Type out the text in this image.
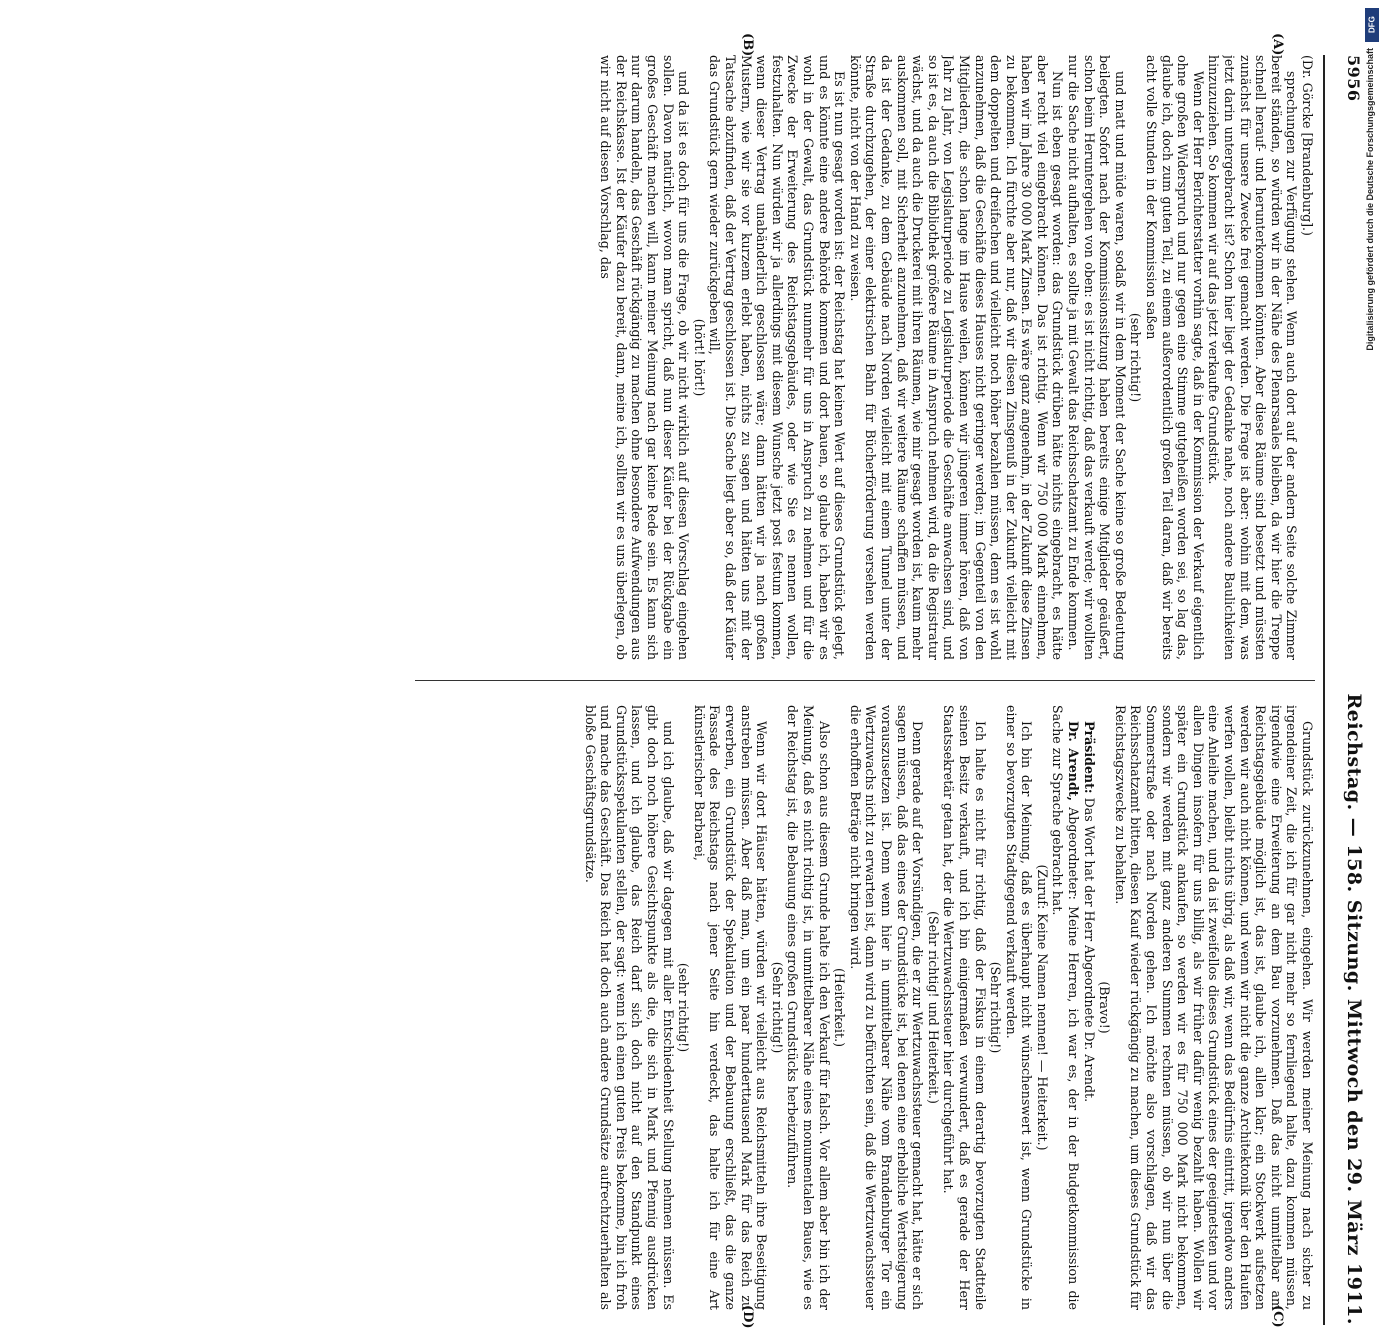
5956
Reichstag. — 158. Sitzung. Mittwoch den 29. März 1911.
(A)
(B)
(C)
(D)

(Dr. Görcke [Brandenburg].)

sprechungen zur Verfügung stehen. Wenn auch dort auf der andern Seite solche Zimmer bereit ständen, so würden wir in der Nähe des Plenarsaales bleiben, da wir hier die Treppe schnell herauf- und herunterkommen könnten. Aber diese Räume sind besetzt und müssten zunächst für unsere Zwecke frei gemacht werden. Die Frage ist aber: wohin mit dem, was jetzt darin untergebracht ist? Schon hier liegt der Gedanke nahe, noch andere Baulichkeiten hinzuzuziehen. So kommen wir auf das jetzt verkaufte Grundstück.

Wenn der Herr Berichterstatter vorhin sagte, daß in der Kommission der Verkauf eigentlich ohne großen Widerspruch und nur gegen eine Stimme gutgeheißen worden sei, so lag das, glaube ich, doch zum guten Teil, zu einem außerordentlich großen Teil daran, daß wir bereits acht volle Stunden in der Kommission saßen

(sehr richtig!)

und matt und müde waren, sodaß wir in dem Moment der Sache keine so große Bedeutung beilegten. Sofort nach der Kommissionssitzung haben bereits einige Mitglieder geäußert, schon beim Heruntergehen von oben: es ist nicht richtig, daß das verkauft werde; wir wollten nur die Sache nicht aufhalten, es sollte ja mit Gewalt das Reichsschatzamt zu Ende kommen.

Nun ist eben gesagt worden: das Grundstück drüben hätte nichts eingebracht, es hätte aber recht viel eingebracht können. Das ist richtig. Wenn wir 750 000 Mark einnehmen, haben wir im Jahre 30 000 Mark Zinsen. Es wäre ganz angenehm, in der Zukunft diese Zinsen zu bekommen. Ich fürchte aber nur, daß wir diesen Zinsgenuß in der Zukunft vielleicht mit dem doppelten und dreifachen und vielleicht noch höher bezahlen müssen, denn es ist wohl anzunehmen, daß die Geschäfte dieses Hauses nicht geringer werden; im Gegenteil von den Mitgliedern, die schon lange im Hause weilen, können wir jüngeren immer hören, daß von Jahr zu Jahr, von Legislaturperiode zu Legislaturperiode die Geschäfte anwachsen sind, und so ist es, da auch die Bibliothek größere Räume in Anspruch nehmen wird, da die Registratur wächst, und da auch die Druckerei mit ihren Räumen, wie mir gesagt worden ist, kaum mehr auskommen soll, mit Sicherheit anzunehmen, daß wir weitere Räume schaffen müssen, und da ist der Gedanke, zu dem Gebäude nach Norden vielleicht mit einem Tunnel unter der Straße durchzugehen, der einer elektrischen Bahn für Bücherförderung versehen werden könnte, nicht von der Hand zu weisen.

Es ist nun gesagt worden ist: der Reichstag hat keinen Wert auf dieses Grundstück gelegt, und es könnte eine andere Behörde kommen und dort bauen, so glaube ich, haben wir es wohl in der Gewalt, das Grundstück nunmehr für uns in Anspruch zu nehmen und für die Zwecke der Erweiterung des Reichstagsgebäudes, oder wie Sie es nennen wollen, festzuhalten. Nun würden wir ja allerdings mit diesem Wunsche jetzt post festum kommen, wenn dieser Vertrag unabänderlich geschlossen wäre; dann hätten wir ja nach großen Mustern, wie wir sie vor kurzem erlebt haben, nichts zu sagen und hätten uns mit der Tatsache abzufinden, daß der Vertrag geschlossen ist. Die Sache liegt aber so, daß der Käufer das Grundstück gern wieder zurückgeben will,

(hört! hört!)

und da ist es doch für uns die Frage, ob wir nicht wirklich auf diesen Vorschlag eingehen sollen. Davon natürlich, wovon man spricht, daß nun dieser Käufer bei der Rückgabe ein großes Geschäft machen will, kann meiner Meinung nach gar keine Rede sein. Es kann sich nur darum handeln, das Geschäft rückgängig zu machen ohne besondere Aufwendungen aus der Reichskasse. Ist der Käufer dazu bereit, dann, meine ich, sollten wir es uns überlegen, ob wir nicht auf diesen Vorschlag, das

Grundstück zurückzunehmen, eingehen. Wir werden meiner Meinung nach sicher zu irgendeiner Zeit, die ich für gar nicht mehr so fernliegend halte, dazu kommen müssen, irgendwie eine Erweiterung an dem Bau vorzunehmen. Daß das nicht unmittelbar am Reichstagsgebäude möglich ist, das ist, glaube ich, allen klar; ein Stockwerk aufsetzen werden wir auch nicht können, und wenn wir nicht die ganze Architektonik über den Haufen werfen wollen, bleibt nichts übrig, als daß wir, wenn das Bedürfnis eintritt, irgendwo anders eine Anleihe machen, und da ist zweifellos dieses Grundstück eines der geeignetsten und vor allen Dingen insofern für uns billig, als wir früher dafür wenig bezahlt haben. Wollen wir später ein Grundstück ankaufen, so werden wir es für 750 000 Mark nicht bekommen, sondern wir werden mit ganz anderen Summen rechnen müssen, ob wir nun über die Sommerstraße oder nach Norden gehen. Ich möchte also vorschlagen, daß wir das Reichsschatzamt bitten, diesen Kauf wieder rückgängig zu machen, um dieses Grundstück für Reichstagszwecke zu behalten.

(Bravo!)

Präsident: Das Wort hat der Herr Abgeordnete Dr. Arendt.

Dr. Arendt, Abgeordneter: Meine Herren, ich war es, der in der Budgetkommission die Sache zur Sprache gebracht hat.

(Zuruf: Keine Namen nennen! — Heiterkeit.)

Ich bin der Meinung, daß es überhaupt nicht wünschenswert ist, wenn Grundstücke in einer so bevorzugten Stadtgegend verkauft werden.

(Sehr richtig!)

Ich halte es nicht für richtig, daß der Fiskus in einem derartig bevorzugten Stadtteile seinen Besitz verkauft, und ich bin einigermaßen verwundert, daß es gerade der Herr Staatssekretär getan hat, der die Wertzuwachssteuer hier durchgeführt hat.

(Sehr richtig! und Heiterkeit.)

Denn gerade auf der Vorsündigen, die er zur Wertzuwachssteuer gemacht hat, hätte er sich sagen müssen, daß das eines der Grundstücke ist, bei denen eine erhebliche Wertsteigerung vorauszusetzen ist. Denn wenn hier in unmittelbarer Nähe vom Brandenburger Tor ein Wertzuwachs nicht zu erwarten ist, dann wird zu befürchten sein, daß die Wertzuwachssteuer die erhofften Beträge nicht bringen wird.

(Heiterkeit.)

Also schon aus diesem Grunde halte ich den Verkauf für falsch. Vor allem aber bin ich der Meinung, daß es nicht richtig ist, in unmittelbarer Nähe eines monumentalen Baues, wie es der Reichstag ist, die Bebauung eines großen Grundstücks herbeizuführen.

(Sehr richtig!)

Wenn wir dort Häuser hätten, würden wir vielleicht aus Reichsmitteln ihre Beseitigung anstreben müssen. Aber daß man, um ein paar hunderttausend Mark für das Reich zu erwerben, ein Grundstück der Spekulation und der Bebauung erschließt, das die ganze Fassade des Reichstags nach jener Seite hin verdeckt, das halte ich für eine Art künstlerischer Barbarei,

(sehr richtig!)

und ich glaube, daß wir dagegen mit aller Entschiedenheit Stellung nehmen müssen. Es gibt doch noch höhere Gesichtspunkte als die, die sich in Mark und Pfennig ausdrücken lassen, und ich glaube, das Reich darf sich doch nicht auf den Standpunkt eines Grundstücksspekulanten stellen, der sagt: wenn ich einen guten Preis bekomme, bin ich froh und mache das Geschäft. Das Reich hat doch auch andere Grundsätze aufrechtzuerhalten als bloße Geschäftsgrundsätze.

DFG
Digitalisierung gefördert durch die Deutsche Forschungsgemeinschaft
